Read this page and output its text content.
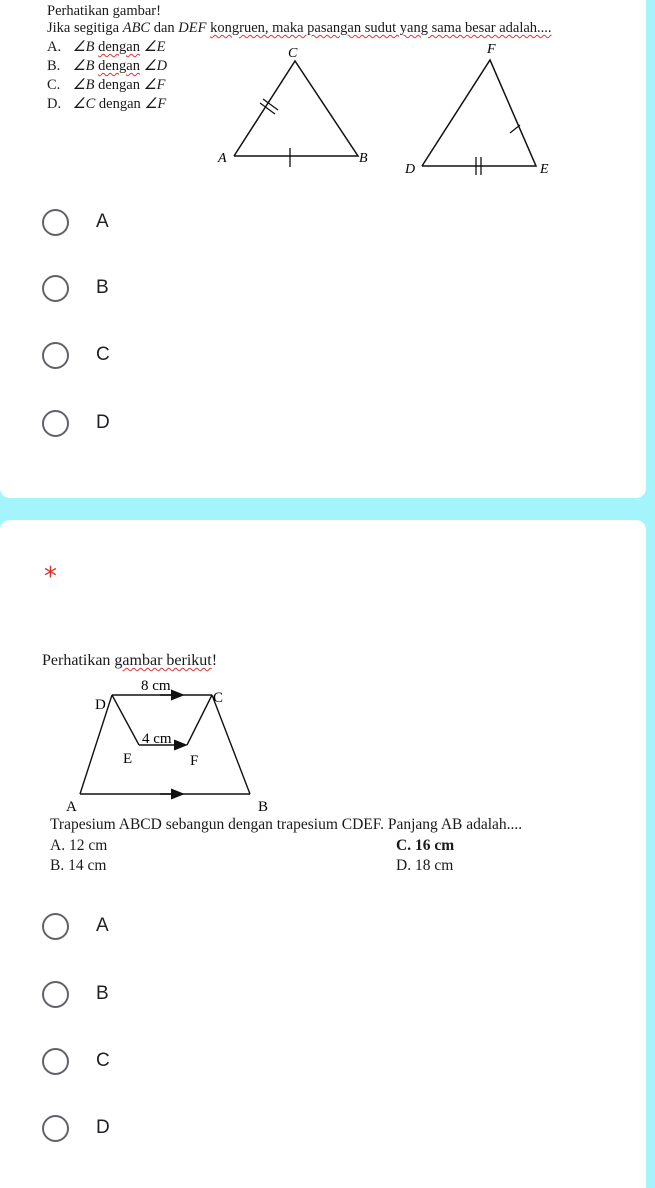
Perhatikan gambar!
Jika segitiga ABC dan DEF kongruen, maka pasangan sudut yang sama besar adalah....
A. ∠B dengan ∠E
B. ∠B dengan ∠D
C. ∠B dengan ∠F
D. ∠C dengan ∠F
C
A	B
F
D	E
A
B
C
D
*
Perhatikan gambar berikut!
8 cm
4 cm
D	C
E	F
A	B
Trapesium ABCD sebangun dengan trapesium CDEF. Panjang AB adalah....
A. 12 cm
B. 14 cm
C. 16 cm
D. 18 cm
A
B
C
D
